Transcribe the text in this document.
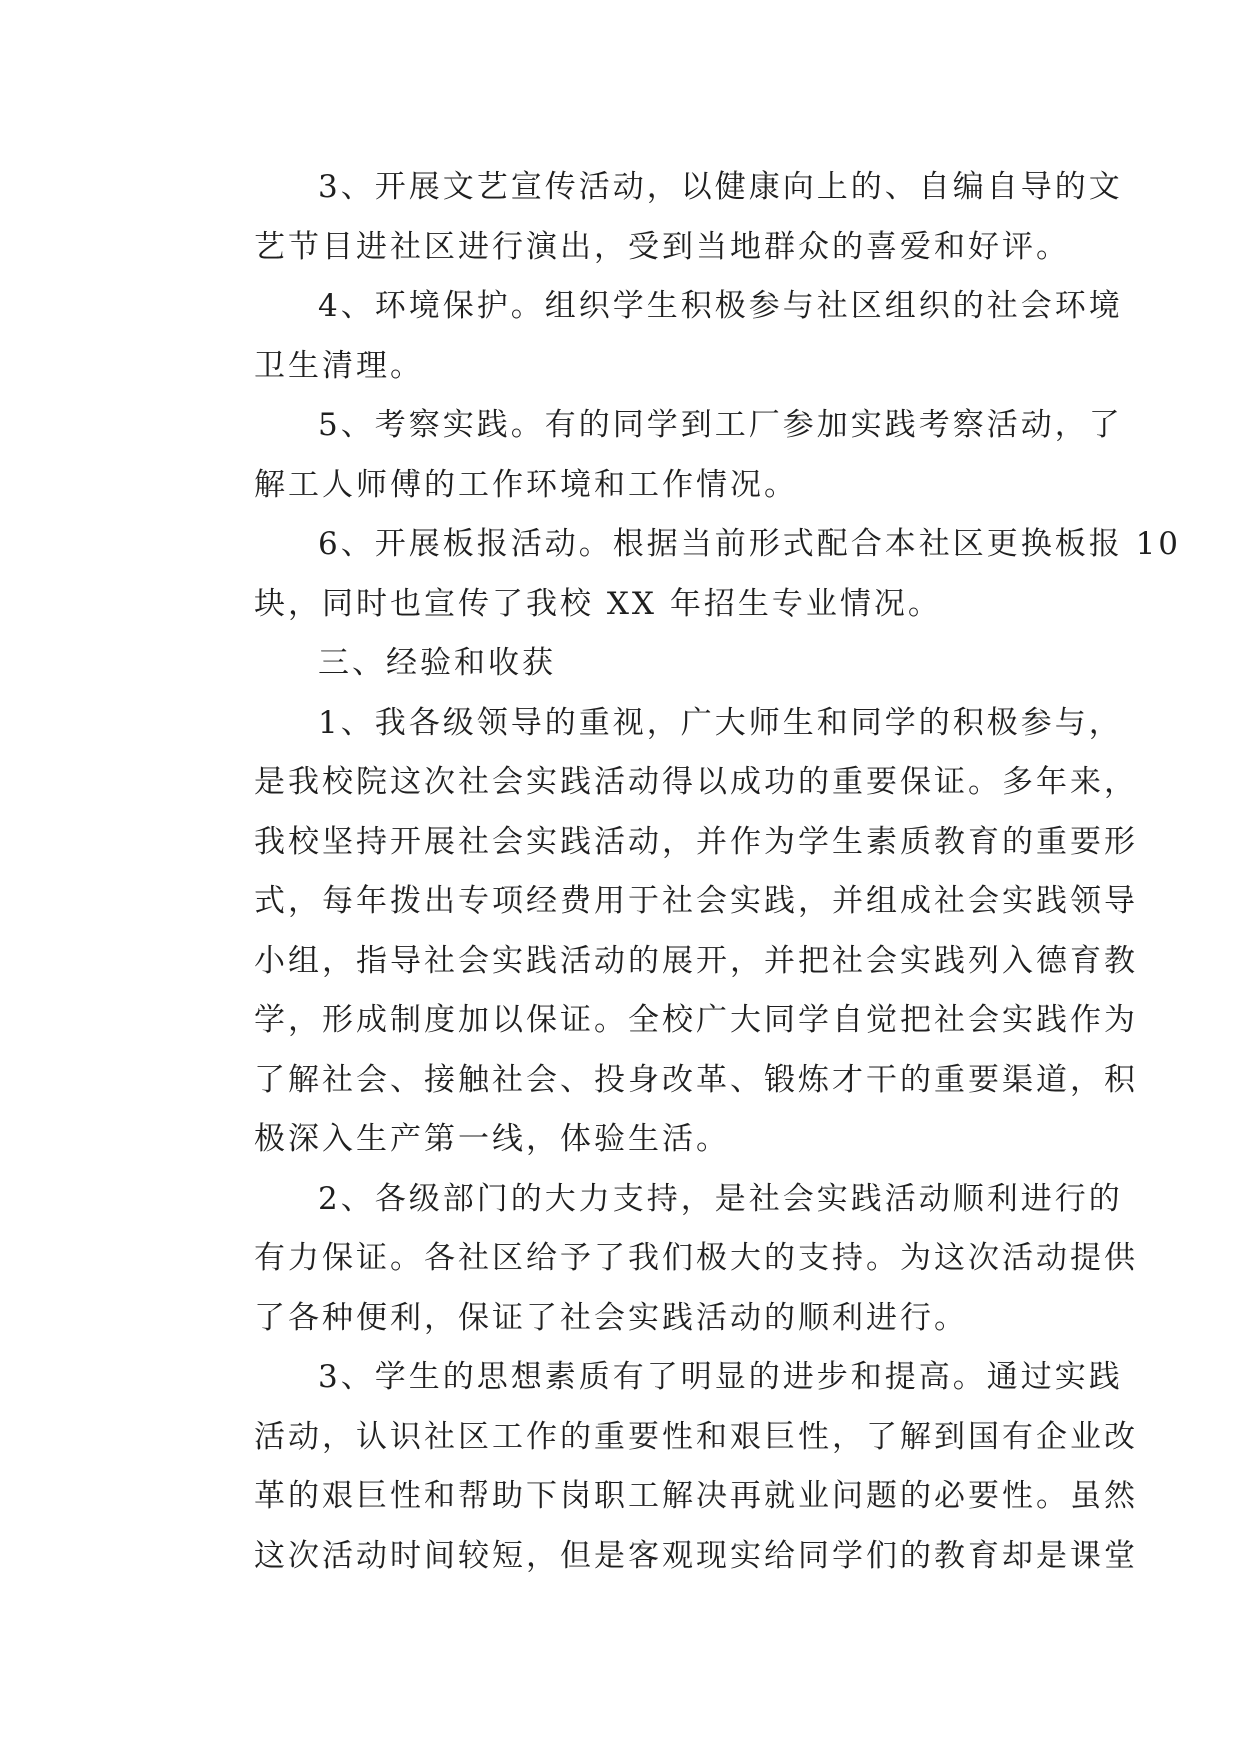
3、开展文艺宣传活动，以健康向上的、自编自导的文
艺节目进社区进行演出，受到当地群众的喜爱和好评。
4、环境保护。组织学生积极参与社区组织的社会环境
卫生清理。
5、考察实践。有的同学到工厂参加实践考察活动，了
解工人师傅的工作环境和工作情况。
6、开展板报活动。根据当前形式配合本社区更换板报 10
块，同时也宣传了我校 XX 年招生专业情况。
三、经验和收获
1、我各级领导的重视，广大师生和同学的积极参与，
是我校院这次社会实践活动得以成功的重要保证。多年来，
我校坚持开展社会实践活动，并作为学生素质教育的重要形
式，每年拨出专项经费用于社会实践，并组成社会实践领导
小组，指导社会实践活动的展开，并把社会实践列入德育教
学，形成制度加以保证。全校广大同学自觉把社会实践作为
了解社会、接触社会、投身改革、锻炼才干的重要渠道，积
极深入生产第一线，体验生活。
2、各级部门的大力支持，是社会实践活动顺利进行的
有力保证。各社区给予了我们极大的支持。为这次活动提供
了各种便利，保证了社会实践活动的顺利进行。
3、学生的思想素质有了明显的进步和提高。通过实践
活动，认识社区工作的重要性和艰巨性，了解到国有企业改
革的艰巨性和帮助下岗职工解决再就业问题的必要性。虽然
这次活动时间较短，但是客观现实给同学们的教育却是课堂
